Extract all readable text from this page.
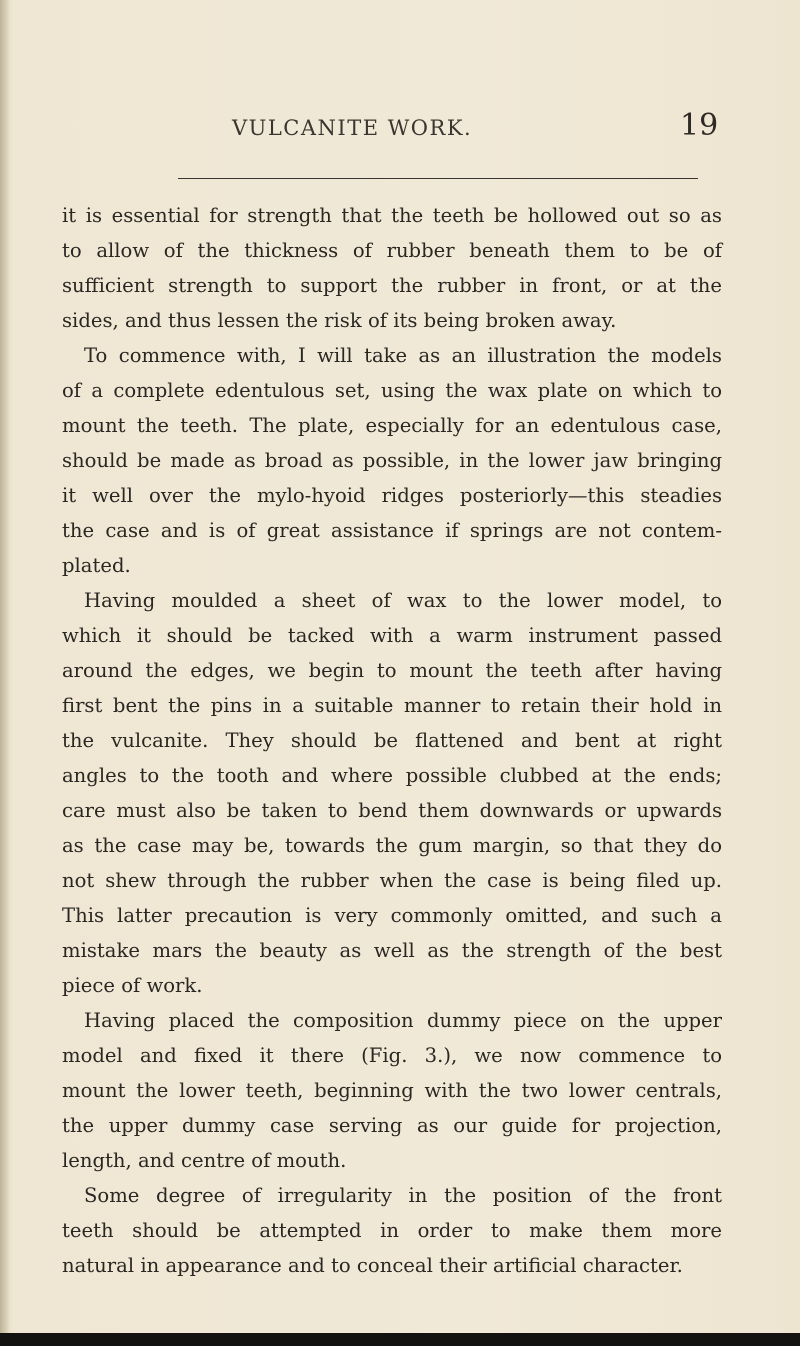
VULCANITE WORK.	19
it is essential for strength that the teeth be hollowed out so as
to allow of the thickness of rubber beneath them to be of
sufficient strength to support the rubber in front, or at the
sides, and thus lessen the risk of its being broken away.
To commence with, I will take as an illustration the models
of a complete edentulous set, using the wax plate on which to
mount the teeth. The plate, especially for an edentulous case,
should be made as broad as possible, in the lower jaw bringing
it well over the mylo-hyoid ridges posteriorly—this steadies
the case and is of great assistance if springs are not contem-
plated.
Having moulded a sheet of wax to the lower model, to
which it should be tacked with a warm instrument passed
around the edges, we begin to mount the teeth after having
first bent the pins in a suitable manner to retain their hold in
the vulcanite. They should be flattened and bent at right
angles to the tooth and where possible clubbed at the ends;
care must also be taken to bend them downwards or upwards
as the case may be, towards the gum margin, so that they do
not shew through the rubber when the case is being filed up.
This latter precaution is very commonly omitted, and such a
mistake mars the beauty as well as the strength of the best
piece of work.
Having placed the composition dummy piece on the upper
model and fixed it there (Fig. 3.), we now commence to
mount the lower teeth, beginning with the two lower centrals,
the upper dummy case serving as our guide for projection,
length, and centre of mouth.
Some degree of irregularity in the position of the front
teeth should be attempted in order to make them more
natural in appearance and to conceal their artificial character.
